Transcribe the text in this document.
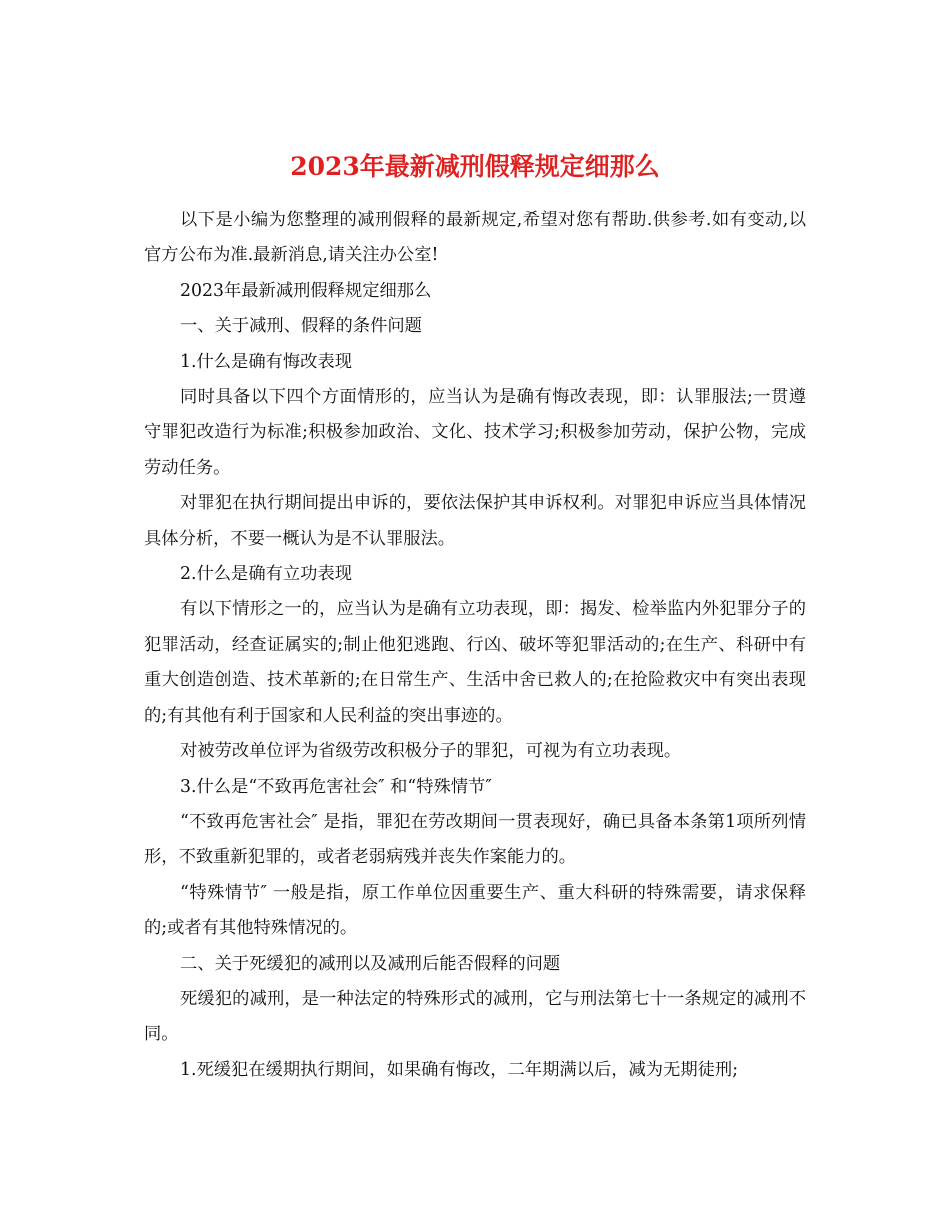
2023年最新减刑假释规定细那么

以下是小编为您整理的减刑假释的最新规定,希望对您有帮助.供参考.如有变动,以官方公布为准.最新消息,请关注办公室!

2023年最新减刑假释规定细那么

一、关于减刑、假释的条件问题

1.什么是确有悔改表现

同时具备以下四个方面情形的，应当认为是确有悔改表现，即：认罪服法;一贯遵守罪犯改造行为标准;积极参加政治、文化、技术学习;积极参加劳动，保护公物，完成劳动任务。

对罪犯在执行期间提出申诉的，要依法保护其申诉权利。对罪犯申诉应当具体情况具体分析，不要一概认为是不认罪服法。

2.什么是确有立功表现

有以下情形之一的，应当认为是确有立功表现，即：揭发、检举监内外犯罪分子的犯罪活动，经查证属实的;制止他犯逃跑、行凶、破坏等犯罪活动的;在生产、科研中有重大创造创造、技术革新的;在日常生产、生活中舍已救人的;在抢险救灾中有突出表现的;有其他有利于国家和人民利益的突出事迹的。

对被劳改单位评为省级劳改积极分子的罪犯，可视为有立功表现。

3.什么是“不致再危害社会″ 和“特殊情节″

“不致再危害社会″ 是指，罪犯在劳改期间一贯表现好，确已具备本条第1项所列情形，不致重新犯罪的，或者老弱病残并丧失作案能力的。

“特殊情节″ 一般是指，原工作单位因重要生产、重大科研的特殊需要，请求保释的;或者有其他特殊情况的。

二、关于死缓犯的减刑以及减刑后能否假释的问题

死缓犯的减刑，是一种法定的特殊形式的减刑，它与刑法第七十一条规定的减刑不同。

1.死缓犯在缓期执行期间，如果确有悔改，二年期满以后，减为无期徒刑;
